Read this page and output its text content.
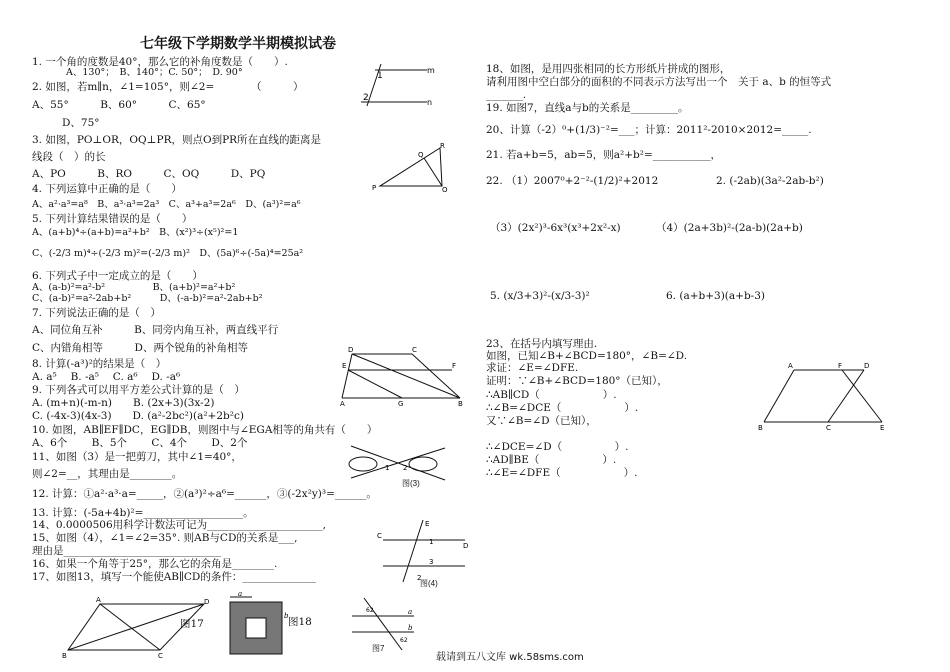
七年级下学期数学半期模拟试卷
1. 一个角的度数是40°，那么它的补角度数是（　　）.
A、130°；　B、140°；C. 50°；　D. 90°
2. 如图，若m∥n，∠1=105°，则∠2=　　　　（　　　）
A、55°　　　B、60°　　　C、65°
D、75°
1
2
m
n
3. 如图，PO⊥OR，OQ⊥PR，则点O到PR所在直线的距离是
线段（　）的长
A、PO　　　B、RO　　　C、OQ　　　D、PQ
P	O
R
Q
4. 下列运算中正确的是（　　）
A、a²·a³=a⁸　B、a³·a³=2a³　C、a³+a³=2a⁶　D、(a³)²=a⁶
5. 下列计算结果错误的是（　　）
A、(a+b)⁴÷(a+b)=a²+b²　B、(x²)³÷(x⁵)²=1
C、(-2/3 m)⁴÷(-2/3 m)²=(-2/3 m)²　D、(5a)⁶÷(-5a)⁴=25a²
6. 下列式子中一定成立的是（　　）
A、(a-b)²=a²-b²　　　　　B、(a+b)²=a²+b²
C、(a-b)²=a²-2ab+b²　　　D、(-a-b)²=a²-2ab+b²
7. 下列说法正确的是（　）
A、同位角互补　　　B、同旁内角互补，两直线平行
C、内错角相等　　　D、两个锐角的补角相等
8. 计算(-a³)²的结果是（　）
A. a⁵　 B. -a⁵　 C. a⁶　 D. -a⁶
9. 下列各式可以用平方差公式计算的是（　）
A. (m+n)(-m-n)　　B. (2x+3)(3x-2)
C. (-4x-3)(4x-3)　　D. (a²-2bc²)(a²+2b²c)
D	C
E	F
A	G	B
10. 如图，AB∥EF∥DC，EG∥DB，则图中与∠EGA相等的角共有（　　）
A、6个　　 B、5个　　 C、4个　　 D、2个
11、如图（3）是一把剪刀，其中∠1=40°，
则∠2=__，其理由是________。	1 2
图(3)
12. 计算：①a²·a³·a=_____，②(a³)²÷a⁶=______，③(-2x²y)³=______。
13. 计算：(-5a+4b)²=___________________。
14、0.0000506用科学计数法可记为______________________,
15、如图（4），∠1=∠2=35°. 则AB与CD的关系是___,
理由是______________________________
16、如果一个角等于25°，那么它的余角是________.
17、如图13，填写一个能使AB∥CD的条件：______________
C
D
E
1
3
2
图(4)
A	D
B	C
图17
a
b 图18
62
62
a
b
图7
18、如图，是用四张相同的长方形纸片拼成的图形，
请利用图中空白部分的面积的不同表示方法写出一个　关于 a、b 的恒等式
_______.
19. 如图7，直线a与b的关系是_________。
20、计算（-2）⁰+(1/3)⁻²=___；计算：2011²-2010×2012=_____.
21. 若a+b=5，ab=5，则a²+b²=___________，
22. （1）2007⁰+2⁻²-(1/2)²+2012	2. (-2ab)(3a²-2ab-b²)
（3）(2x²)³-6x³(x³+2x²-x)	（4）(2a+3b)²-(2a-b)(2a+b)
5. (x/3+3)²-(x/3-3)²	6. (a+b+3)(a+b-3)
23、在括号内填写理由.
如图，已知∠B+∠BCD=180°，∠B=∠D.
求证：∠E=∠DFE.
证明：∵∠B+∠BCD=180°（已知），
∴AB∥CD（　　　　　　）.
∴∠B=∠DCE（　　　　　　）.
又∵∠B=∠D（已知），
∴∠DCE=∠D（　　　　　）.
∴AD∥BE（　　　　　　）.
∴∠E=∠DFE（　　　　　　）.
A	F	D
B	C	E
载请到五八文库 wk.58sms.com
